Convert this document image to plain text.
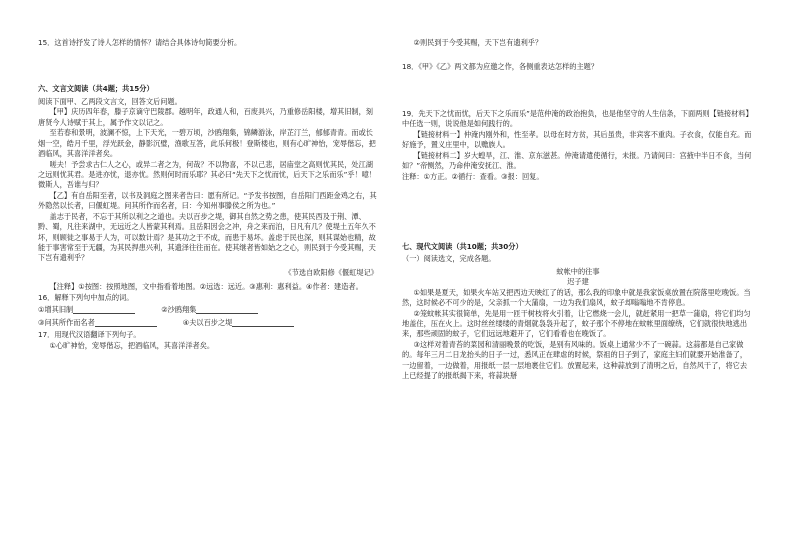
15．这首诗抒发了诗人怎样的情怀？请结合具体诗句简要分析。

六、文言文阅读（共4题；共15分）

阅读下面甲、乙两段文言文，回答文后问题。

【甲】庆历四年春，滕子京谪守巴陵郡。越明年，政通人和，百废具兴，乃重修岳阳楼，增其旧制，刻唐贤今人诗赋于其上，属予作文以记之。

至若春和景明，波澜不惊，上下天光，一碧万顷，沙鸥翔集，锦鳞游泳，岸芷汀兰，郁郁青青。而或长烟一空，皓月千里，浮光跃金，静影沉璧，渔歌互答，此乐何极！登斯楼也，则有心旷神怡，宠辱偕忘，把酒临风，其喜洋洋者矣。

嗟夫！予尝求古仁人之心，或异二者之为，何哉？不以物喜，不以己悲，居庙堂之高则忧其民，处江湖之远则忧其君。是进亦忧，退亦忧。然则何时而乐耶？其必曰“先天下之忧而忧，后天下之乐而乐”乎！噫！微斯人，吾谁与归？

【乙】有自岳阳至者，以书及洞庭之图来者告曰：愿有所记。“予发书按图，自岳阳门西距金鸡之右，其外隐然以长者，曰偃虹堤。问其所作而名者，曰：今知州事滕侯之所为也。”

盖志于民者，不忘于其所以利之之道也。夫以百步之堤，御其自然之势之患，使其民西及于荆、潭、黔、蜀，凡往来湖中，无远近之人皆蒙其利焉。且岳阳因会之冲，舟之来而泊，日凡有几？使堤土五年久不坏，则顾徙之事易于人为，可以数计焉？是其功之于不成，而患于易坏。盖虑于民也深，则其谋始也精，故能于事害常至于无疆，为其民捍患兴利，其遗泽往往而在。使其继者皆如始之之心，则民到于今受其赐，天下岂有遗利乎？

《节选自欧阳修《偃虹堤记》

【注释】①按图：按照地图，文中指看着地图。②远选：远近。③惠利：惠利益。④作者：建造者。

16．解释下列句中加点的词。

①增其旧制	②沙鸥翔集
③问其所作而名者	④夫以百步之堤

17．用现代汉语翻译下列句子。

①心旷神怡，宠辱偕忘，把酒临风，其喜洋洋者矣。

②则民到于今受其赐，天下岂有遗利乎？

18．《甲》《乙》两文都为应邀之作，各侧重表达怎样的主题？

19．先天下之忧而忧，后天下之乐而乐”是范仲淹的政治抱负，也是他坚守的人生信条，下面两则【链接材料】中任选一则，说说他是如何践行的。

【链接材料一】仲淹内刚外和，性至孝。以母在时方贫，其后虽贵，非宾客不重肉。子衣食，仅能自充。而好施予，置义庄里中，以赡族人。

【链接材料二】岁大蝗旱，江、淮、京东滋甚。仲淹请遣使循行，未报。乃请间曰：宫掖中半日不食，当何如？”帝恻然，乃命仲淹安抚江、淮。

注释：①方正。②循行：查看。③报：回复。

七、现代文阅读（共10题；共30分）

（一）阅读选文，完成各题。

蚊帐中的往事

迟子建

①如果是夏天，如果火车站又把西边天映红了的话，那么我的印象中就是我家饭桌放置在院落里吃晚饭。当然，这时候必不可少的是，父亲抓一个大蒲扇，一边为我们扇风，蚊子却嗡嗡地不肯停息。

②笼蚊帐其实很简单，先是用一匝干树枝将火引着，让它燃烧一会儿，就赶紧用一把草一蒲扇，将它们均匀地盖住，压在火上。这时丝丝缕缕的青烟就袅袅升起了，蚊子那个不停地在蚊帐里面缭绕，它们就很快地逃出来，那些顽固的蚊子，它们远远地避开了，它们看看也在晚饭了。

③这样对着青苔的菜园和清丽晚景的吃饭，是别有风味的。饭桌上通常少不了一碗蒜。这蒜都是自己家做的。每年三月二日龙抬头的日子一过，悉风正在肆虐的时候，祭祖的日子到了，家庭主妇们就要开始准备了，一边留着，一边做着，用报纸一层一层地裹住它们。放置起来，这种蒜放到了清明之后，自然风干了，将它去上已经提了的报纸揭下来，将蒜块掰
